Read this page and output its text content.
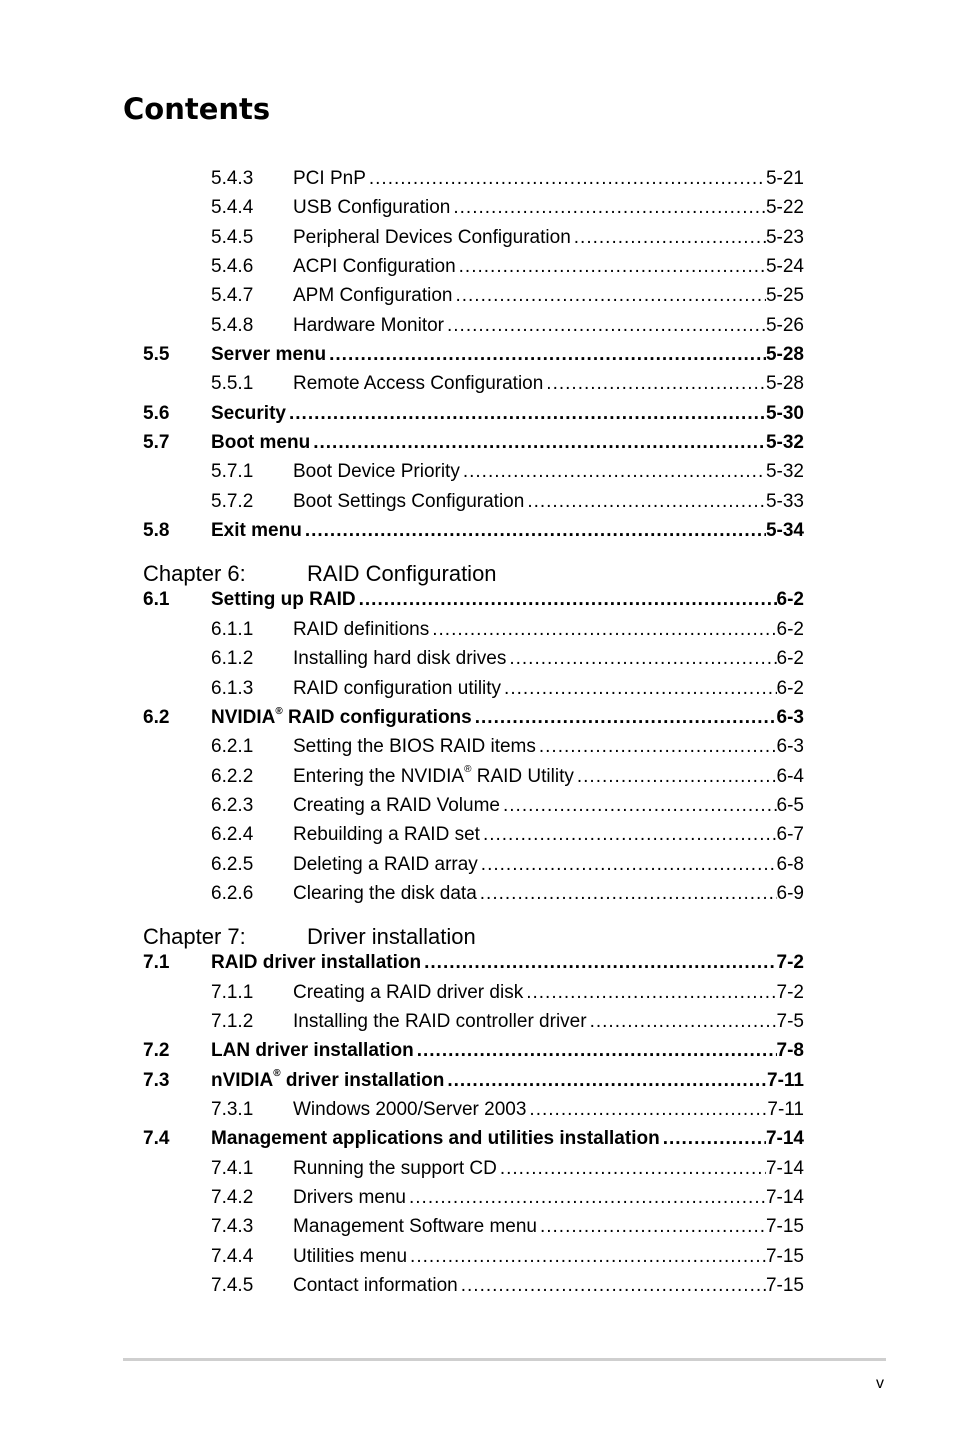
Contents
5.4.3	PCI PnP .....	5-21
5.4.4	USB Configuration .....	5-22
5.4.5	Peripheral Devices Configuration .....	5-23
5.4.6	ACPI Configuration .....	5-24
5.4.7	APM Configuration .....	5-25
5.4.8	Hardware Monitor .....	5-26
5.5	Server menu .....	5-28
5.5.1	Remote Access Configuration .....	5-28
5.6	Security .....	5-30
5.7	Boot menu .....	5-32
5.7.1	Boot Device Priority .....	5-32
5.7.2	Boot Settings Configuration .....	5-33
5.8	Exit menu .....	5-34
Chapter 6:	RAID Configuration
6.1	Setting up RAID .....	6-2
6.1.1	RAID definitions .....	6-2
6.1.2	Installing hard disk drives .....	6-2
6.1.3	RAID configuration utility .....	6-2
6.2	NVIDIA® RAID configurations .....	6-3
6.2.1	Setting the BIOS RAID items .....	6-3
6.2.2	Entering the NVIDIA® RAID Utility .....	6-4
6.2.3	Creating a RAID Volume .....	6-5
6.2.4	Rebuilding a RAID set .....	6-7
6.2.5	Deleting a RAID array .....	6-8
6.2.6	Clearing the disk data .....	6-9
Chapter 7:	Driver installation
7.1	RAID driver installation .....	7-2
7.1.1	Creating a RAID driver disk .....	7-2
7.1.2	Installing the RAID controller driver .....	7-5
7.2	LAN driver installation .....	7-8
7.3	nVIDIA® driver installation .....	7-11
7.3.1	Windows 2000/Server 2003 .....	7-11
7.4	Management applications and utilities installation .....	7-14
7.4.1	Running the support CD .....	7-14
7.4.2	Drivers menu .....	7-14
7.4.3	Management Software menu .....	7-15
7.4.4	Utilities menu .....	7-15
7.4.5	Contact information .....	7-15
v
